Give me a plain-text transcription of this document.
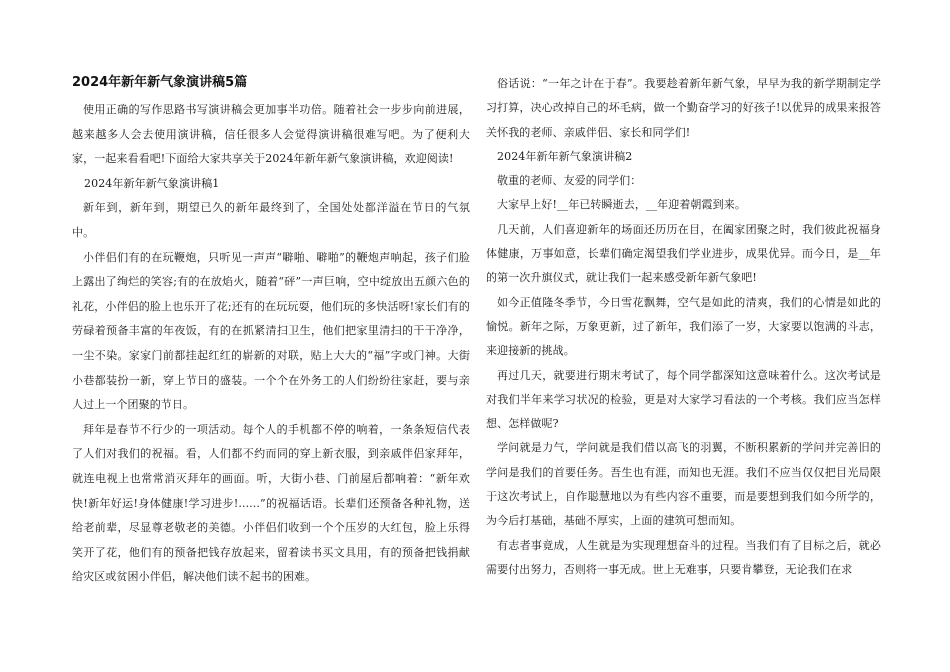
2024年新年新气象演讲稿5篇

使用正确的写作思路书写演讲稿会更加事半功倍。随着社会一步步向前进展，越来越多人会去使用演讲稿，信任很多人会觉得演讲稿很难写吧。为了便利大家，一起来看看吧!下面给大家共享关于2024年新年新气象演讲稿，欢迎阅读!

2024年新年新气象演讲稿1

新年到，新年到，期望已久的新年最终到了，全国处处都洋溢在节日的气氛中。

小伴侣们有的在玩鞭炮，只听见一声声“噼啪、噼啪”的鞭炮声响起，孩子们脸上露出了绚烂的笑容;有的在放焰火，随着“砰”一声巨响，空中绽放出五颜六色的礼花，小伴侣的脸上也乐开了花;还有的在玩玩耍，他们玩的多快活呀!家长们有的劳碌着预备丰富的年夜饭，有的在抓紧清扫卫生，他们把家里清扫的干干净净，一尘不染。家家门前都挂起红红的崭新的对联，贴上大大的“福”字或门神。大街小巷都装扮一新，穿上节日的盛装。一个个在外务工的人们纷纷往家赶，要与亲人过上一个团聚的节日。

拜年是春节不行少的一项活动。每个人的手机都不停的响着，一条条短信代表了人们对我们的祝福。看，人们都不约而同的穿上新衣服，到亲戚伴侣家拜年，就连电视上也常常消灭拜年的画面。听，大街小巷、门前屋后都响着：“新年欢快!新年好运!身体健康!学习进步!......”的祝福话语。长辈们还预备各种礼物，送给老前辈，尽显尊老敬老的美德。小伴侣们收到一个个压岁的大红包，脸上乐得笑开了花，他们有的预备把钱存放起来，留着读书买文具用，有的预备把钱捐献给灾区或贫困小伴侣，解决他们读不起书的困难。

俗话说：“一年之计在于春”。我要趁着新年新气象，早早为我的新学期制定学习打算，决心改掉自己的坏毛病，做一个勤奋学习的好孩子!以优异的成果来报答关怀我的老师、亲戚伴侣、家长和同学们!

2024年新年新气象演讲稿2

敬重的老师、友爱的同学们：

大家早上好!__年已转瞬逝去，__年迎着朝霞到来。

几天前，人们喜迎新年的场面还历历在目，在阖家团聚之时，我们彼此祝福身体健康，万事如意，长辈们确定渴望我们学业进步，成果优异。而今日，是__年的第一次升旗仪式，就让我们一起来感受新年新气象吧!

如今正值隆冬季节，今日雪花飘舞，空气是如此的清爽，我们的心情是如此的愉悦。新年之际，万象更新，过了新年，我们添了一岁，大家要以饱满的斗志，来迎接新的挑战。

再过几天，就要进行期末考试了，每个同学都深知这意味着什么。这次考试是对我们半年来学习状况的检验，更是对大家学习看法的一个考核。我们应当怎样想、怎样做呢?

学问就是力气，学问就是我们借以高飞的羽翼，不断积累新的学问并完善旧的学问是我们的首要任务。吾生也有涯，而知也无涯。我们不应当仅仅把目光局限于这次考试上，自作聪慧地以为有些内容不重要，而是要想到我们如今所学的，为今后打基础，基础不厚实，上面的建筑可想而知。

有志者事竟成，人生就是为实现理想奋斗的过程。当我们有了目标之后，就必需要付出努力，否则将一事无成。世上无难事，只要肯攀登，无论我们在求
